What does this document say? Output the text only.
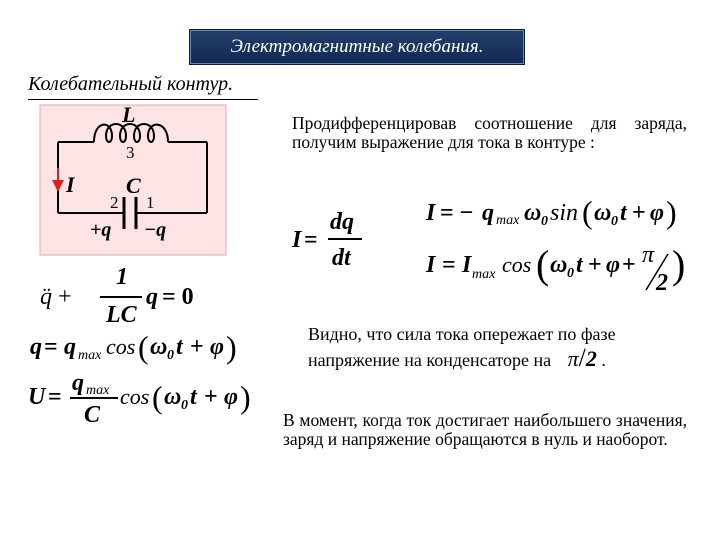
Электромагнитные колебания.
Колебательный контур.
L
3
I C
2 1
+q −q
Продифференцировав соотношение для заряда, получим выражение для тока в контуре :
I =
dq
dt
I = − q max ω 0 sin ( ω 0 t + φ )
I = I max cos ( ω 0 t + φ + π
2 )
q̈ +
1
LC
q = 0
q = q max cos ( ω 0 t + φ )
U =
q max
C
cos ( ω 0 t + φ )
Видно, что сила тока опережает по фазе
напряжение на конденсаторе на π/2 .
В момент, когда ток достигает наибольшего значения, заряд и напряжение обращаются в нуль и наоборот.
